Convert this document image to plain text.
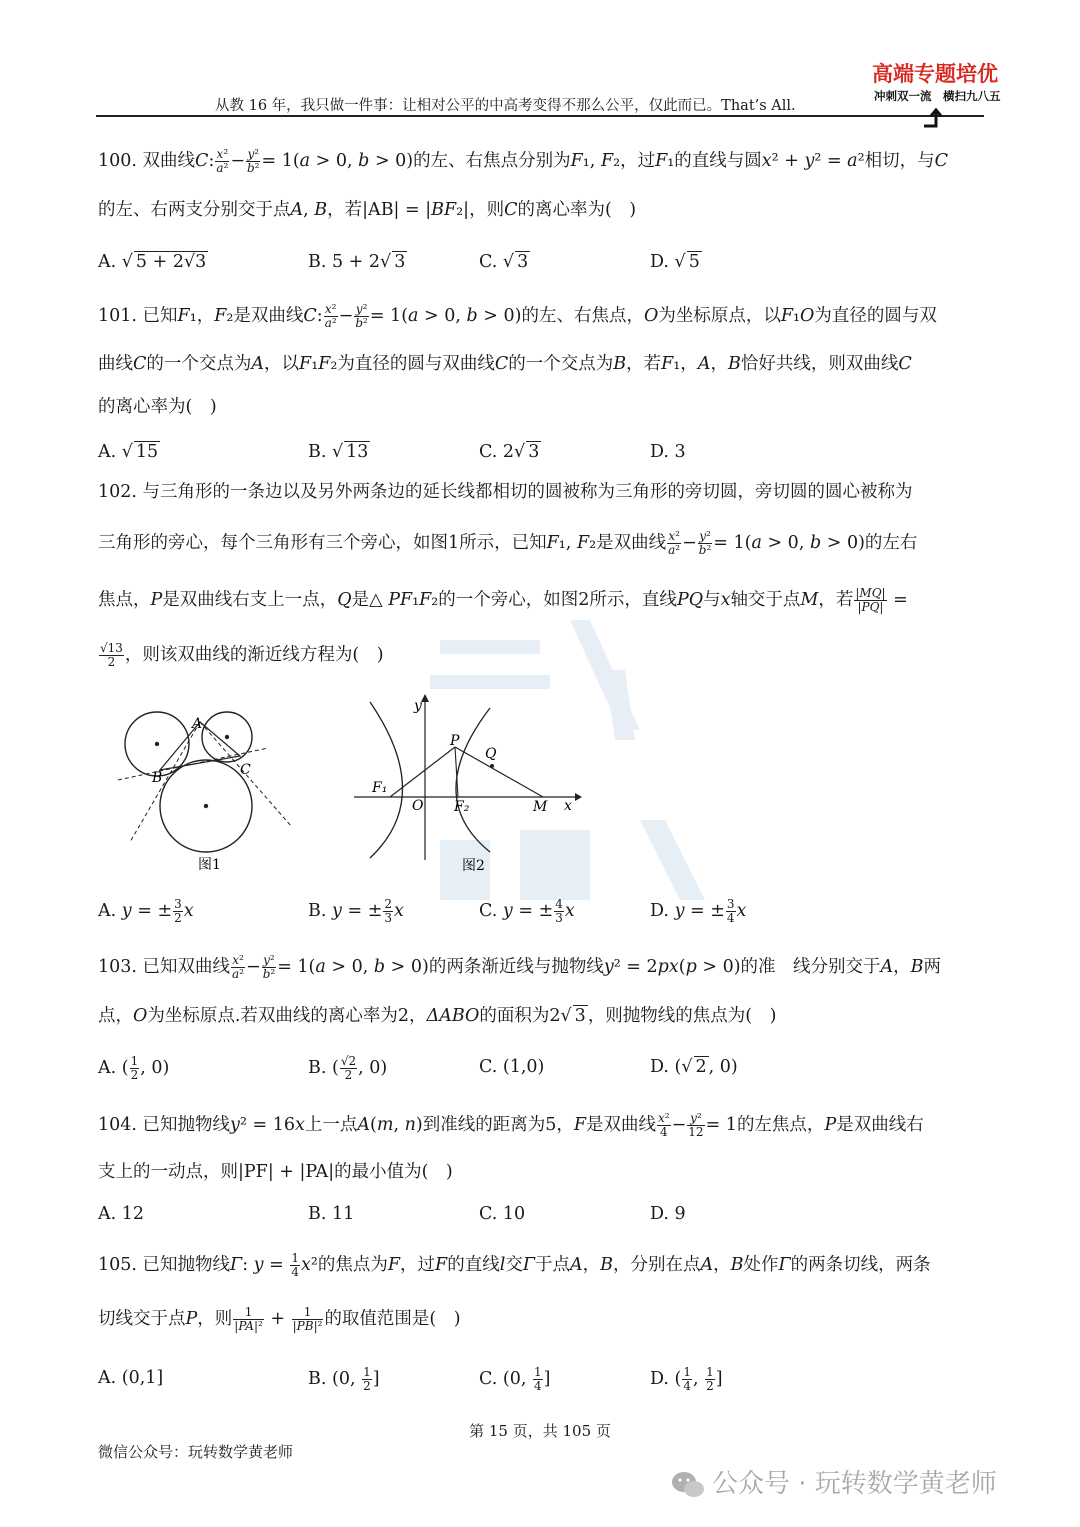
从教 16 年，我只做一件事：让相对公平的中高考变得不那么公平，仅此而已。That’s All.
高端专题培优
冲刺双一流　横扫九八五
100. 双曲线C: $\frac{\text{x²}}{\text{a²}} - \frac{\text{y²}}{\text{b²}} = 1(a > 0$, b > 0)的左、右焦点分别为F₁, F₂，过F₁的直线与圆x² + y² = a²相切，与C
的左、右两支分别交于点A, B，若|AB| = |BF₂|，则C的离心率为(　)
A. √ 5 + 2√3	B. 5 + 2√ 3	C. √ 3	D. √ 5
101. 已知F₁，F₂是双曲线C: $\frac{\text{x²}}{\text{a²}} - \frac{\text{y²}}{\text{b²}} = 1(a > 0$, b > 0)的左、右焦点，O为坐标原点，以F₁O为直径的圆与双
曲线C的一个交点为A，以F₁F₂为直径的圆与双曲线C的一个交点为B，若F₁，A，B恰好共线，则双曲线C
的离心率为(　)
A. √ 15	B. √ 13	C. 2√ 3	D. 3
102. 与三角形的一条边以及另外两条边的延长线都相切的圆被称为三角形的旁切圆，旁切圆的圆心被称为
三角形的旁心，每个三角形有三个旁心，如图1所示，已知F₁, F₂是双曲线 $\frac{\text{x²}}{\text{a²}} - \frac{\text{y²}}{\text{b²}} = 1(a > 0$, b > 0)的左右
焦点，P是双曲线右支上一点，Q是△ PF₁F₂的一个旁心，如图2所示，直线PQ与x轴交于点M，若 $\frac{|MQ|}{|PQ|}$ =
$\frac{√13}{2}$ ，则该双曲线的渐近线方程为(　)
A
B	C
图1
y
P
Q
F₁
O F₂	M x
图2
A. y = ± $\frac{3}{2}$ x	B. y = ± $\frac{2}{3}$ x	C. y = ± $\frac{4}{3}$ x	D. y = ± $\frac{3}{4}$ x
103. 已知双曲线 $\frac{\text{x²}}{\text{a²}} - \frac{\text{y²}}{\text{b²}} = 1(a > 0$, b > 0)的两条渐近线与抛物线y² = 2px(p > 0)的准　线分别交于A，B两
点，O为坐标原点.若双曲线的离心率为2，ΔABO的面积为2√ 3 ，则抛物线的焦点为(　)
A. ( $\frac{1}{2}$ , 0)	B. ( $\frac{√2}{2}$ , 0)	C. (1,0)	D. (√ 2 , 0)
104. 已知抛物线y² = 16x上一点A(m, n)到准线的距离为5，F是双曲线 $\frac{\text{x²}}{4} - \frac{\text{y²}}{12} = 1$的左焦点，P是双曲线右
支上的一动点，则|PF| + |PA|的最小值为(　)
A. 12	B. 11	C. 10	D. 9
105. 已知抛物线Γ: $y = \frac{1}{4} x^2$的焦点为F，过F的直线l交Γ于点A，B，分别在点A，B处作Γ的两条切线，两条
切线交于点P，则 $\frac{1}{\text{|PA|²}} + \frac{1}{\text{|PB|²}}$ 的取值范围是(　)
A. (0,1]	B. (0, $\frac{1}{2}$ ]	C. (0, $\frac{1}{4}$ ]	D. ( $\frac{1}{4}$ , $\frac{1}{2}$ ]
第 15 页，共 105 页
微信公众号：玩转数学黄老师
公众号 · 玩转数学黄老师
